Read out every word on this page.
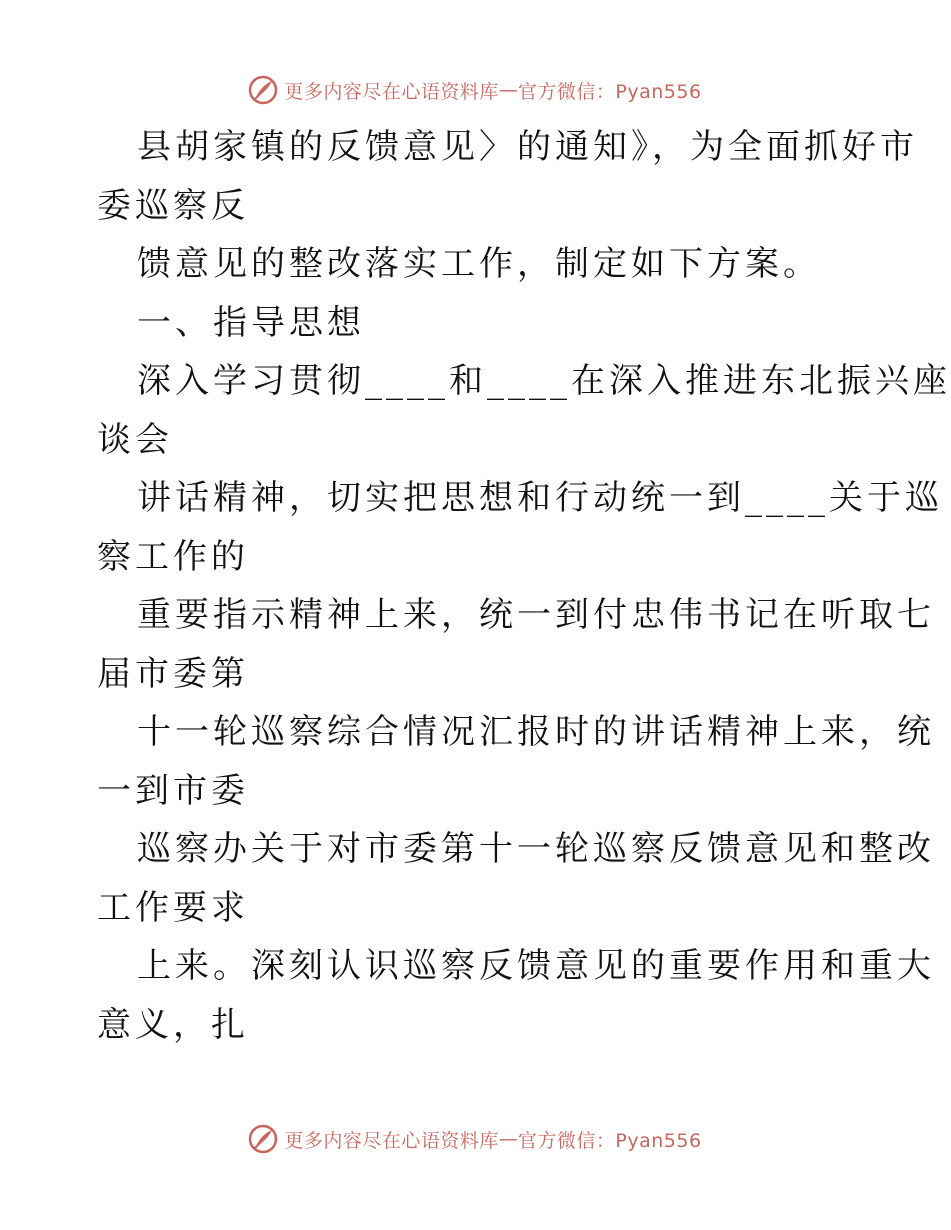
更多内容尽在心语资料库 — 官方微信：Pyan556
县胡家镇的反馈意见〉的通知》，为全面抓好市
委巡察反
馈意见的整改落实工作，制定如下方案。
一、指导思想
深入学习贯彻____和____在深入推进东北振兴座
谈会
讲话精神，切实把思想和行动统一到____关于巡
察工作的
重要指示精神上来，统一到付忠伟书记在听取七
届市委第
十一轮巡察综合情况汇报时的讲话精神上来，统
一到市委
巡察办关于对市委第十一轮巡察反馈意见和整改
工作要求
上来。深刻认识巡察反馈意见的重要作用和重大
意义，扎
更多内容尽在心语资料库 — 官方微信：Pyan556
